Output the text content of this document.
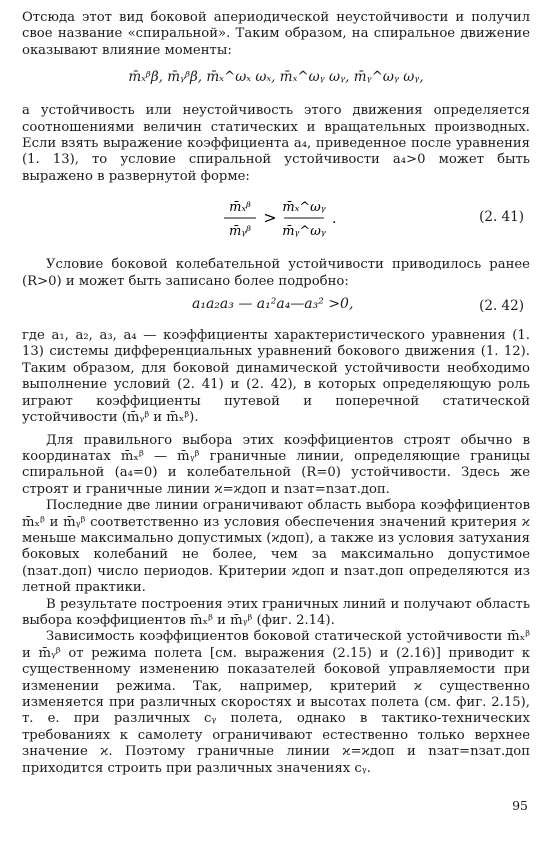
Отсюда этот вид боковой апериодической неустойчивости и получил свое название «спиральной». Таким образом, на спиральное движение оказывают влияние моменты:

m̄ₓᵝβ, m̄ᵧᵝβ, m̄ₓ^ωₓ ωₓ, m̄ₓ^ωᵧ ωᵧ, m̄ᵧ^ωᵧ ωᵧ,

а устойчивость или неустойчивость этого движения определяется соотношениями величин статических и вращательных производных. Если взять выражение коэффициента a₄, приведенное после уравнения (1. 13), то условие спиральной устойчивости a₄>0 может быть выражено в развернутой форме:

m̄ₓᵝ
m̄ᵧᵝ
>
m̄ₓ^ωᵧ
m̄ᵧ^ωᵧ
.	(2. 41)

Условие боковой колебательной устойчивости приводилось ранее (R>0) и может быть записано более подробно:

a₁a₂a₃ — a₁²a₄—a₃² >0,	(2. 42)

где a₁, a₂, a₃, a₄ — коэффициенты характеристического уравнения (1. 13) системы дифференциальных уравнений бокового движения (1. 12). Таким образом, для боковой динамической устойчивости необходимо выполнение условий (2. 41) и (2. 42), в которых определяющую роль играют коэффициенты путевой и поперечной статической устойчивости (m̄ᵧᵝ и m̄ₓᵝ).

Для правильного выбора этих коэффициентов строят обычно в координатах m̄ₓᵝ — m̄ᵧᵝ граничные линии, определяющие границы спиральной (a₄=0) и колебательной (R=0) устойчивости. Здесь же строят и граничные линии ϰ=ϰдоп и nзат=nзат.доп.

Последние две линии ограничивают область выбора коэффициентов m̄ₓᵝ и m̄ᵧᵝ соответственно из условия обеспечения значений критерия ϰ меньше максимально допустимых (ϰдоп), а также из условия затухания боковых колебаний не более, чем за максимально допустимое (nзат.доп) число периодов. Критерии ϰдоп и nзат.доп определяются из летной практики.

В результате построения этих граничных линий и получают область выбора коэффициентов m̄ₓᵝ и m̄ᵧᵝ (фиг. 2.14).

Зависимость коэффициентов боковой статической устойчивости m̄ₓᵝ и m̄ᵧᵝ от режима полета [см. выражения (2.15) и (2.16)] приводит к существенному изменению показателей боковой управляемости при изменении режима. Так, например, критерий ϰ существенно изменяется при различных скоростях и высотах полета (см. фиг. 2.15), т. е. при различных cᵧ полета, однако в тактико-технических требованиях к самолету ограничивают естественно только верхнее значение ϰ. Поэтому граничные линии ϰ=ϰдоп и nзат=nзат.доп приходится строить при различных значениях cᵧ.

95
